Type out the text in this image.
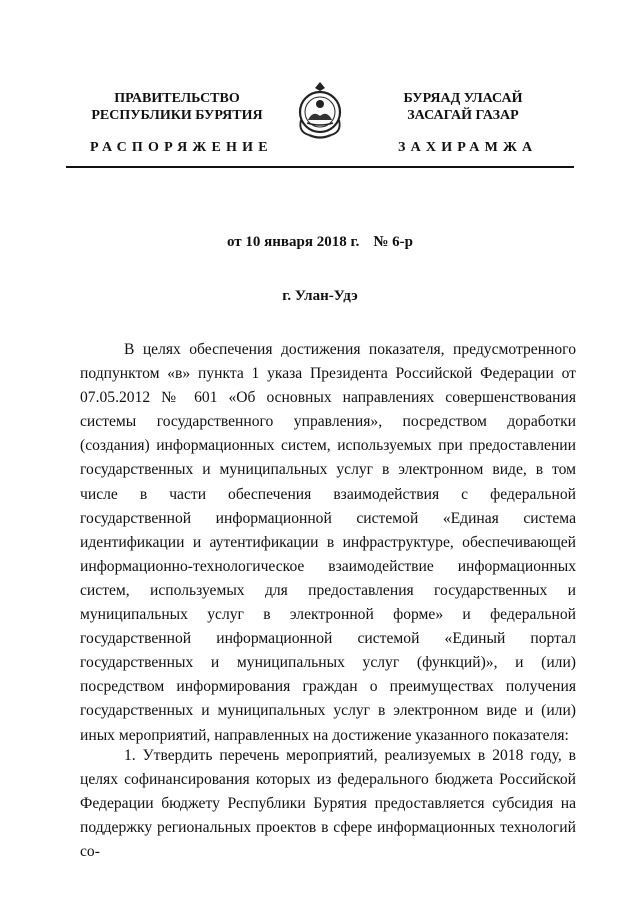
ПРАВИТЕЛЬСТВО
РЕСПУБЛИКИ БУРЯТИЯ
БУРЯАД УЛАСАЙ
ЗАСАГАЙ ГАЗАР
РАСПОРЯЖЕНИЕ	ЗАХИРАМЖА
от 10 января 2018 г. № 6-р
г. Улан-Удэ

В целях обеспечения достижения показателя, предусмотренного подпунктом «в» пункта 1 указа Президента Российской Федерации от 07.05.2012 № 601 «Об основных направлениях совершенствования системы государственного управления», посредством доработки (создания) информационных систем, используемых при предоставлении государственных и муниципальных услуг в электронном виде, в том числе в части обеспечения взаимодействия с федеральной государственной информационной системой «Единая система идентификации и аутентификации в инфраструктуре, обеспечивающей информационно-технологическое взаимодействие информационных систем, используемых для предоставления государственных и муниципальных услуг в электронной форме» и федеральной государственной информационной системой «Единый портал государственных и муниципальных услуг (функций)», и (или) посредством информирования граждан о преимуществах получения государственных и муниципальных услуг в электронном виде и (или) иных мероприятий, направленных на достижение указанного показателя:

1. Утвердить перечень мероприятий, реализуемых в 2018 году, в целях софинансирования которых из федерального бюджета Российской Федерации бюджету Республики Бурятия предоставляется субсидия на поддержку региональных проектов в сфере информационных технологий со-
